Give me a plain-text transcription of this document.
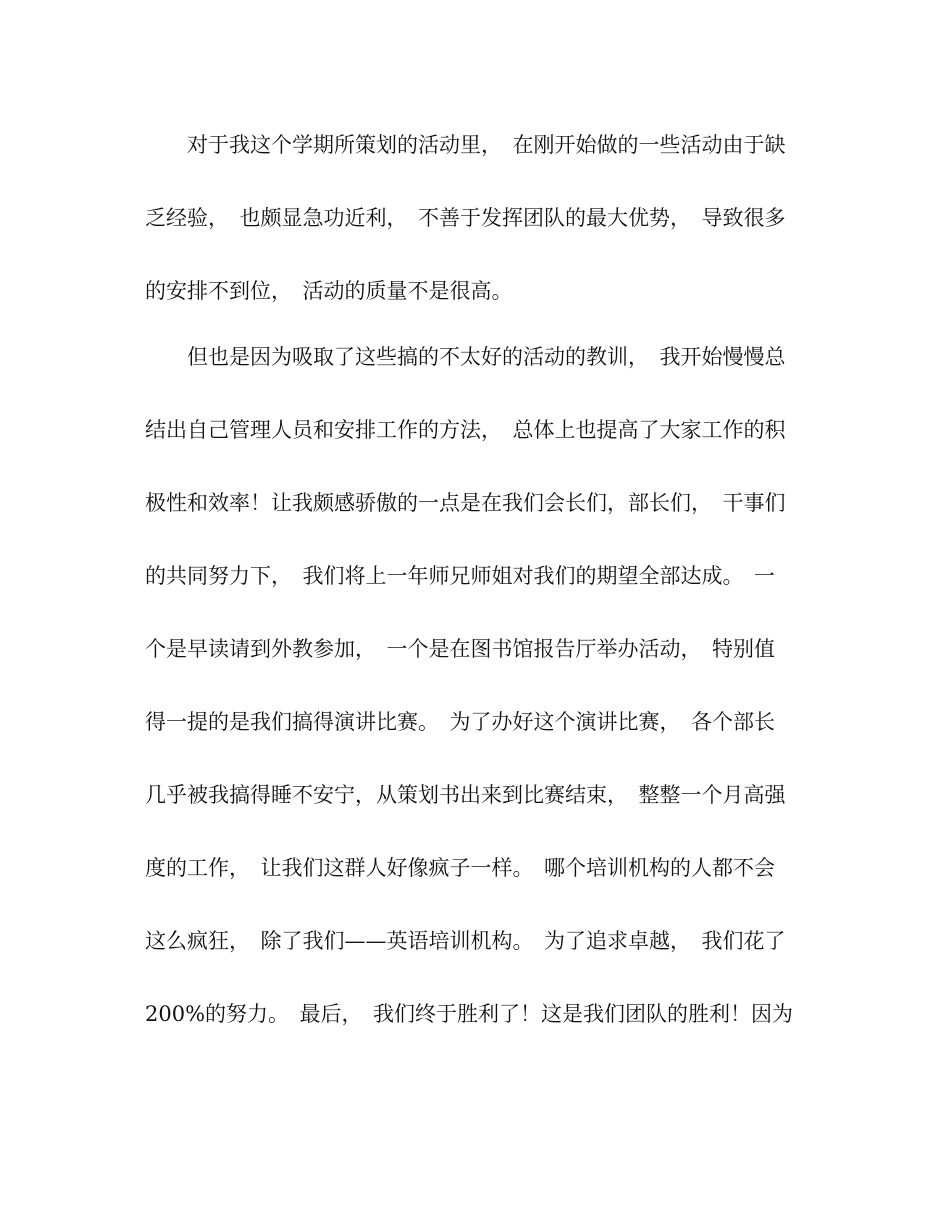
　　对于我这个学期所策划的活动里，　在刚开始做的一些活动由于缺
乏经验，　也颇显急功近利，　不善于发挥团队的最大优势，　导致很多
的安排不到位，　活动的质量不是很高。
　　但也是因为吸取了这些搞的不太好的活动的教训，　我开始慢慢总
结出自己管理人员和安排工作的方法，　总体上也提高了大家工作的积
极性和效率！让我颇感骄傲的一点是在我们会长们，部长们，　干事们
的共同努力下，　我们将上一年师兄师姐对我们的期望全部达成。　一
个是早读请到外教参加，　一个是在图书馆报告厅举办活动，　特别值
得一提的是我们搞得演讲比赛。　为了办好这个演讲比赛，　各个部长
几乎被我搞得睡不安宁，从策划书出来到比赛结束，　整整一个月高强
度的工作，　让我们这群人好像疯子一样。　哪个培训机构的人都不会
这么疯狂，　除了我们——英语培训机构。　为了追求卓越，　我们花了
200%的努力。　最后，　我们终于胜利了！这是我们团队的胜利！因为
